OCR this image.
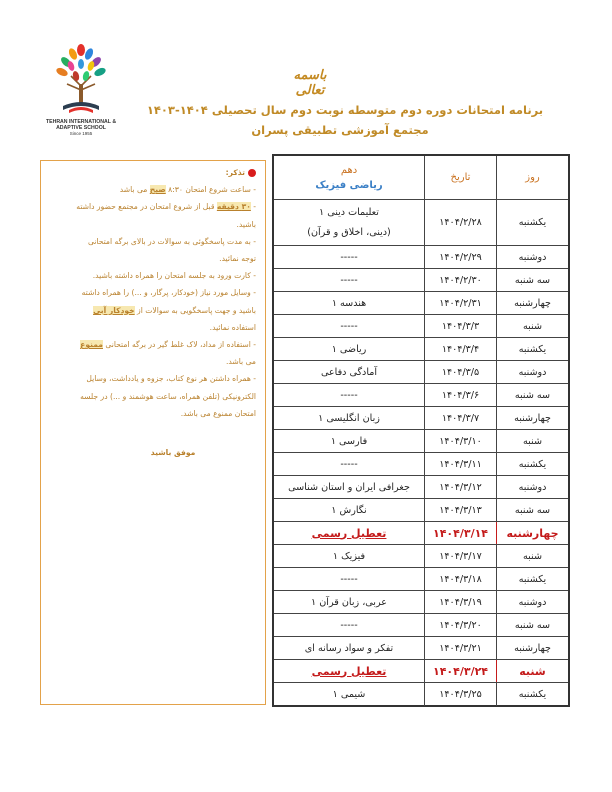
TEHRAN INTERNATIONAL & ADAPTIVE SCHOOL
Since 1955
باسمه تعالی
برنامه امتحانات دوره دوم متوسطه نوبت دوم سال تحصیلی ۱۴۰۴-۱۴۰۳
مجتمع آموزشی تطبیقی پسران
تذکر:
- ساعت شروع امتحان ۸:۳۰ صبح می باشد
- ۳۰ دقیقه قبل از شروع امتحان در مجتمع حضور داشته
باشید.
- به مدت پاسخگوئی به سوالات در بالای برگه امتحانی
توجه نمائید.
- کارت ورود به جلسه امتحان را همراه داشته باشید.
- وسایل مورد نیاز (خودکار، پرگار، و ...) را همراه داشته
باشید و جهت پاسخگویی به سوالات از خودکار آبی
استفاده نمائید.
- استفاده از مداد، لاک غلط گیر در برگه امتحانی ممنوع
می باشد.
- همراه داشتن هر نوع کتاب، جزوه و یادداشت، وسایل
الکترونیکی (تلفن همراه، ساعت هوشمند و ...) در جلسه
امتحان ممنوع می باشد.
موفق باشید
روز
تاریخ
دهم
ریاضی فیزیک
یکشنبه
۱۴۰۴/۲/۲۸
تعلیمات دینی ۱
(دینی، اخلاق و قرآن)
دوشنبه
۱۴۰۴/۲/۲۹
-----
سه شنبه
۱۴۰۴/۲/۳۰
-----
چهارشنبه
۱۴۰۴/۲/۳۱
هندسه ۱
شنبه
۱۴۰۴/۳/۳
-----
یکشنبه
۱۴۰۴/۳/۴
ریاضی ۱
دوشنبه
۱۴۰۴/۳/۵
آمادگی دفاعی
سه شنبه
۱۴۰۴/۳/۶
-----
چهارشنبه
۱۴۰۴/۳/۷
زبان انگلیسی ۱
شنبه
۱۴۰۴/۳/۱۰
فارسی ۱
یکشنبه
۱۴۰۴/۳/۱۱
-----
دوشنبه
۱۴۰۴/۳/۱۲
جغرافی ایران و استان شناسی
سه شنبه
۱۴۰۴/۳/۱۳
نگارش ۱
چهارشنبه
۱۴۰۴/۳/۱۴
تعطیل رسمی
شنبه
۱۴۰۴/۳/۱۷
فیزیک ۱
یکشنبه
۱۴۰۴/۳/۱۸
-----
دوشنبه
۱۴۰۴/۳/۱۹
عربی، زبان قرآن ۱
سه شنبه
۱۴۰۴/۳/۲۰
-----
چهارشنبه
۱۴۰۴/۳/۲۱
تفکر و سواد رسانه ای
شنبه
۱۴۰۴/۳/۲۴
تعطیل رسمی
یکشنبه
۱۴۰۴/۳/۲۵
شیمی ۱
